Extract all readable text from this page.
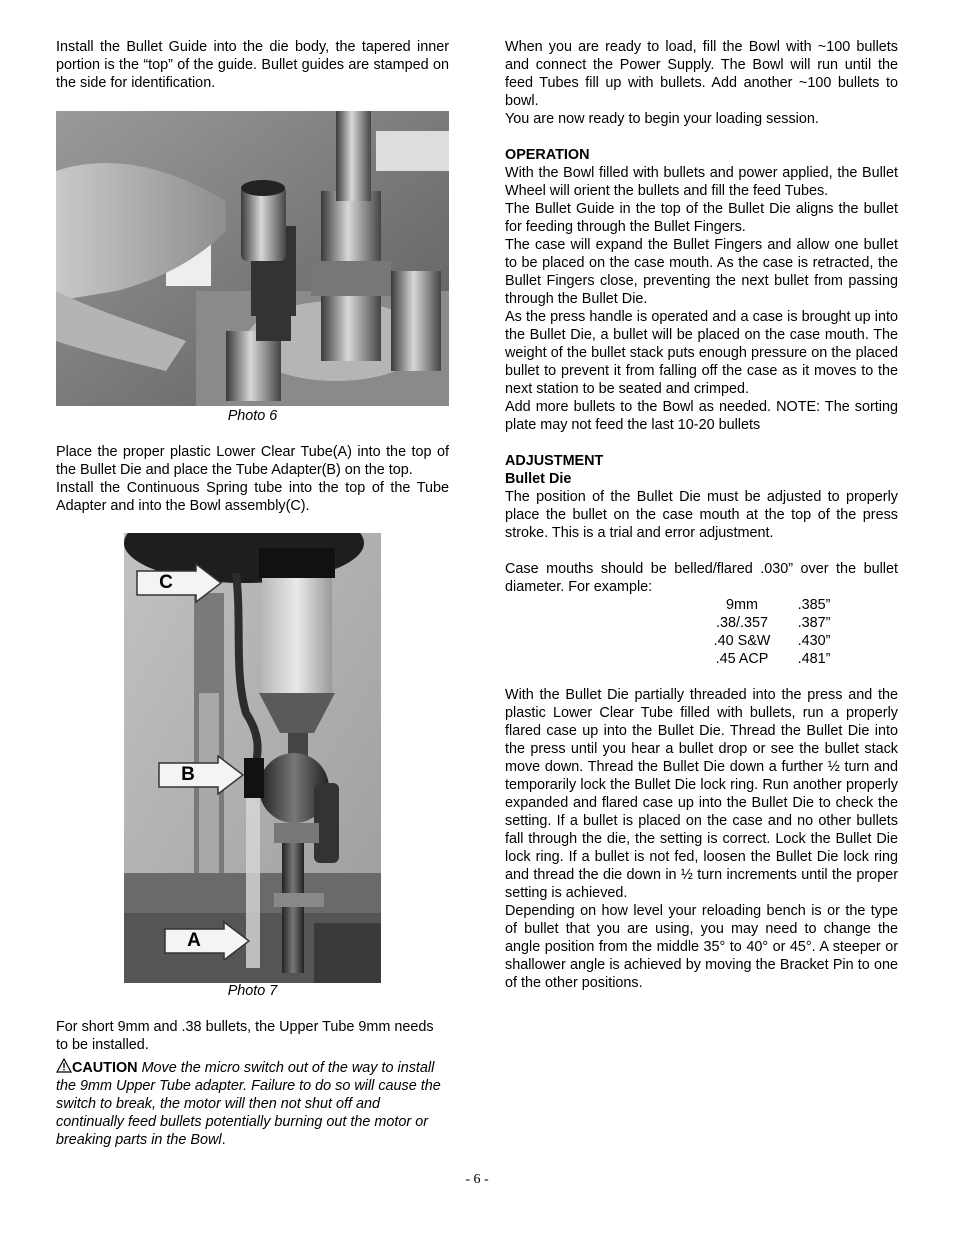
Install the Bullet Guide into the die body, the tapered inner portion is the “top” of the guide. Bullet guides are stamped on the side for identification.

Photo 6

Place the proper plastic Lower Clear Tube(A) into the top of the Bullet Die and place the Tube Adapter(B) on the top.

Install the Continuous Spring tube into the top of the Tube Adapter and into the Bowl assembly(C).

C
B
A

Photo 7

For short 9mm and .38 bullets, the Upper Tube 9mm needs to be installed.

CAUTION Move the micro switch out of the way to install the 9mm Upper Tube adapter. Failure to do so will cause the switch to break, the motor will then not shut off and continually feed bullets potentially burning out the motor or breaking parts in the Bowl.

When you are ready to load, fill the Bowl with ~100 bullets and connect the Power Supply. The Bowl will run until the feed Tubes fill up with bullets. Add another ~100 bullets to bowl.

You are now ready to begin your loading session.

OPERATION

With the Bowl filled with bullets and power applied, the Bullet Wheel will orient the bullets and fill the feed Tubes.

The Bullet Guide in the top of the Bullet Die aligns the bullet for feeding through the Bullet Fingers.

The case will expand the Bullet Fingers and allow one bullet to be placed on the case mouth. As the case is retracted, the Bullet Fingers close, preventing the next bullet from passing through the Bullet Die.

As the press handle is operated and a case is brought up into the Bullet Die, a bullet will be placed on the case mouth. The weight of the bullet stack puts enough pressure on the placed bullet to prevent it from falling off the case as it moves to the next station to be seated and crimped.

Add more bullets to the Bowl as needed. NOTE: The sorting plate may not feed the last 10-20 bullets

ADJUSTMENT

Bullet Die

The position of the Bullet Die must be adjusted to properly place the bullet on the case mouth at the top of the press stroke. This is a trial and error adjustment.

Case mouths should be belled/flared .030” over the bullet diameter. For example:

9mm	.385”
.38/.357	.387”
.40 S&W	.430”
.45 ACP	.481”

With the Bullet Die partially threaded into the press and the plastic Lower Clear Tube filled with bullets, run a properly flared case up into the Bullet Die. Thread the Bullet Die into the press until you hear a bullet drop or see the bullet stack move down. Thread the Bullet Die down a further ½ turn and temporarily lock the Bullet Die lock ring. Run another properly expanded and flared case up into the Bullet Die to check the setting. If a bullet is placed on the case and no other bullets fall through the die, the setting is correct. Lock the Bullet Die lock ring. If a bullet is not fed, loosen the Bullet Die lock ring and thread the die down in ½ turn increments until the proper setting is achieved.

Depending on how level your reloading bench is or the type of bullet that you are using, you may need to change the angle position from the middle 35° to 40° or 45°. A steeper or shallower angle is achieved by moving the Bracket Pin to one of the other positions.

- 6 -
